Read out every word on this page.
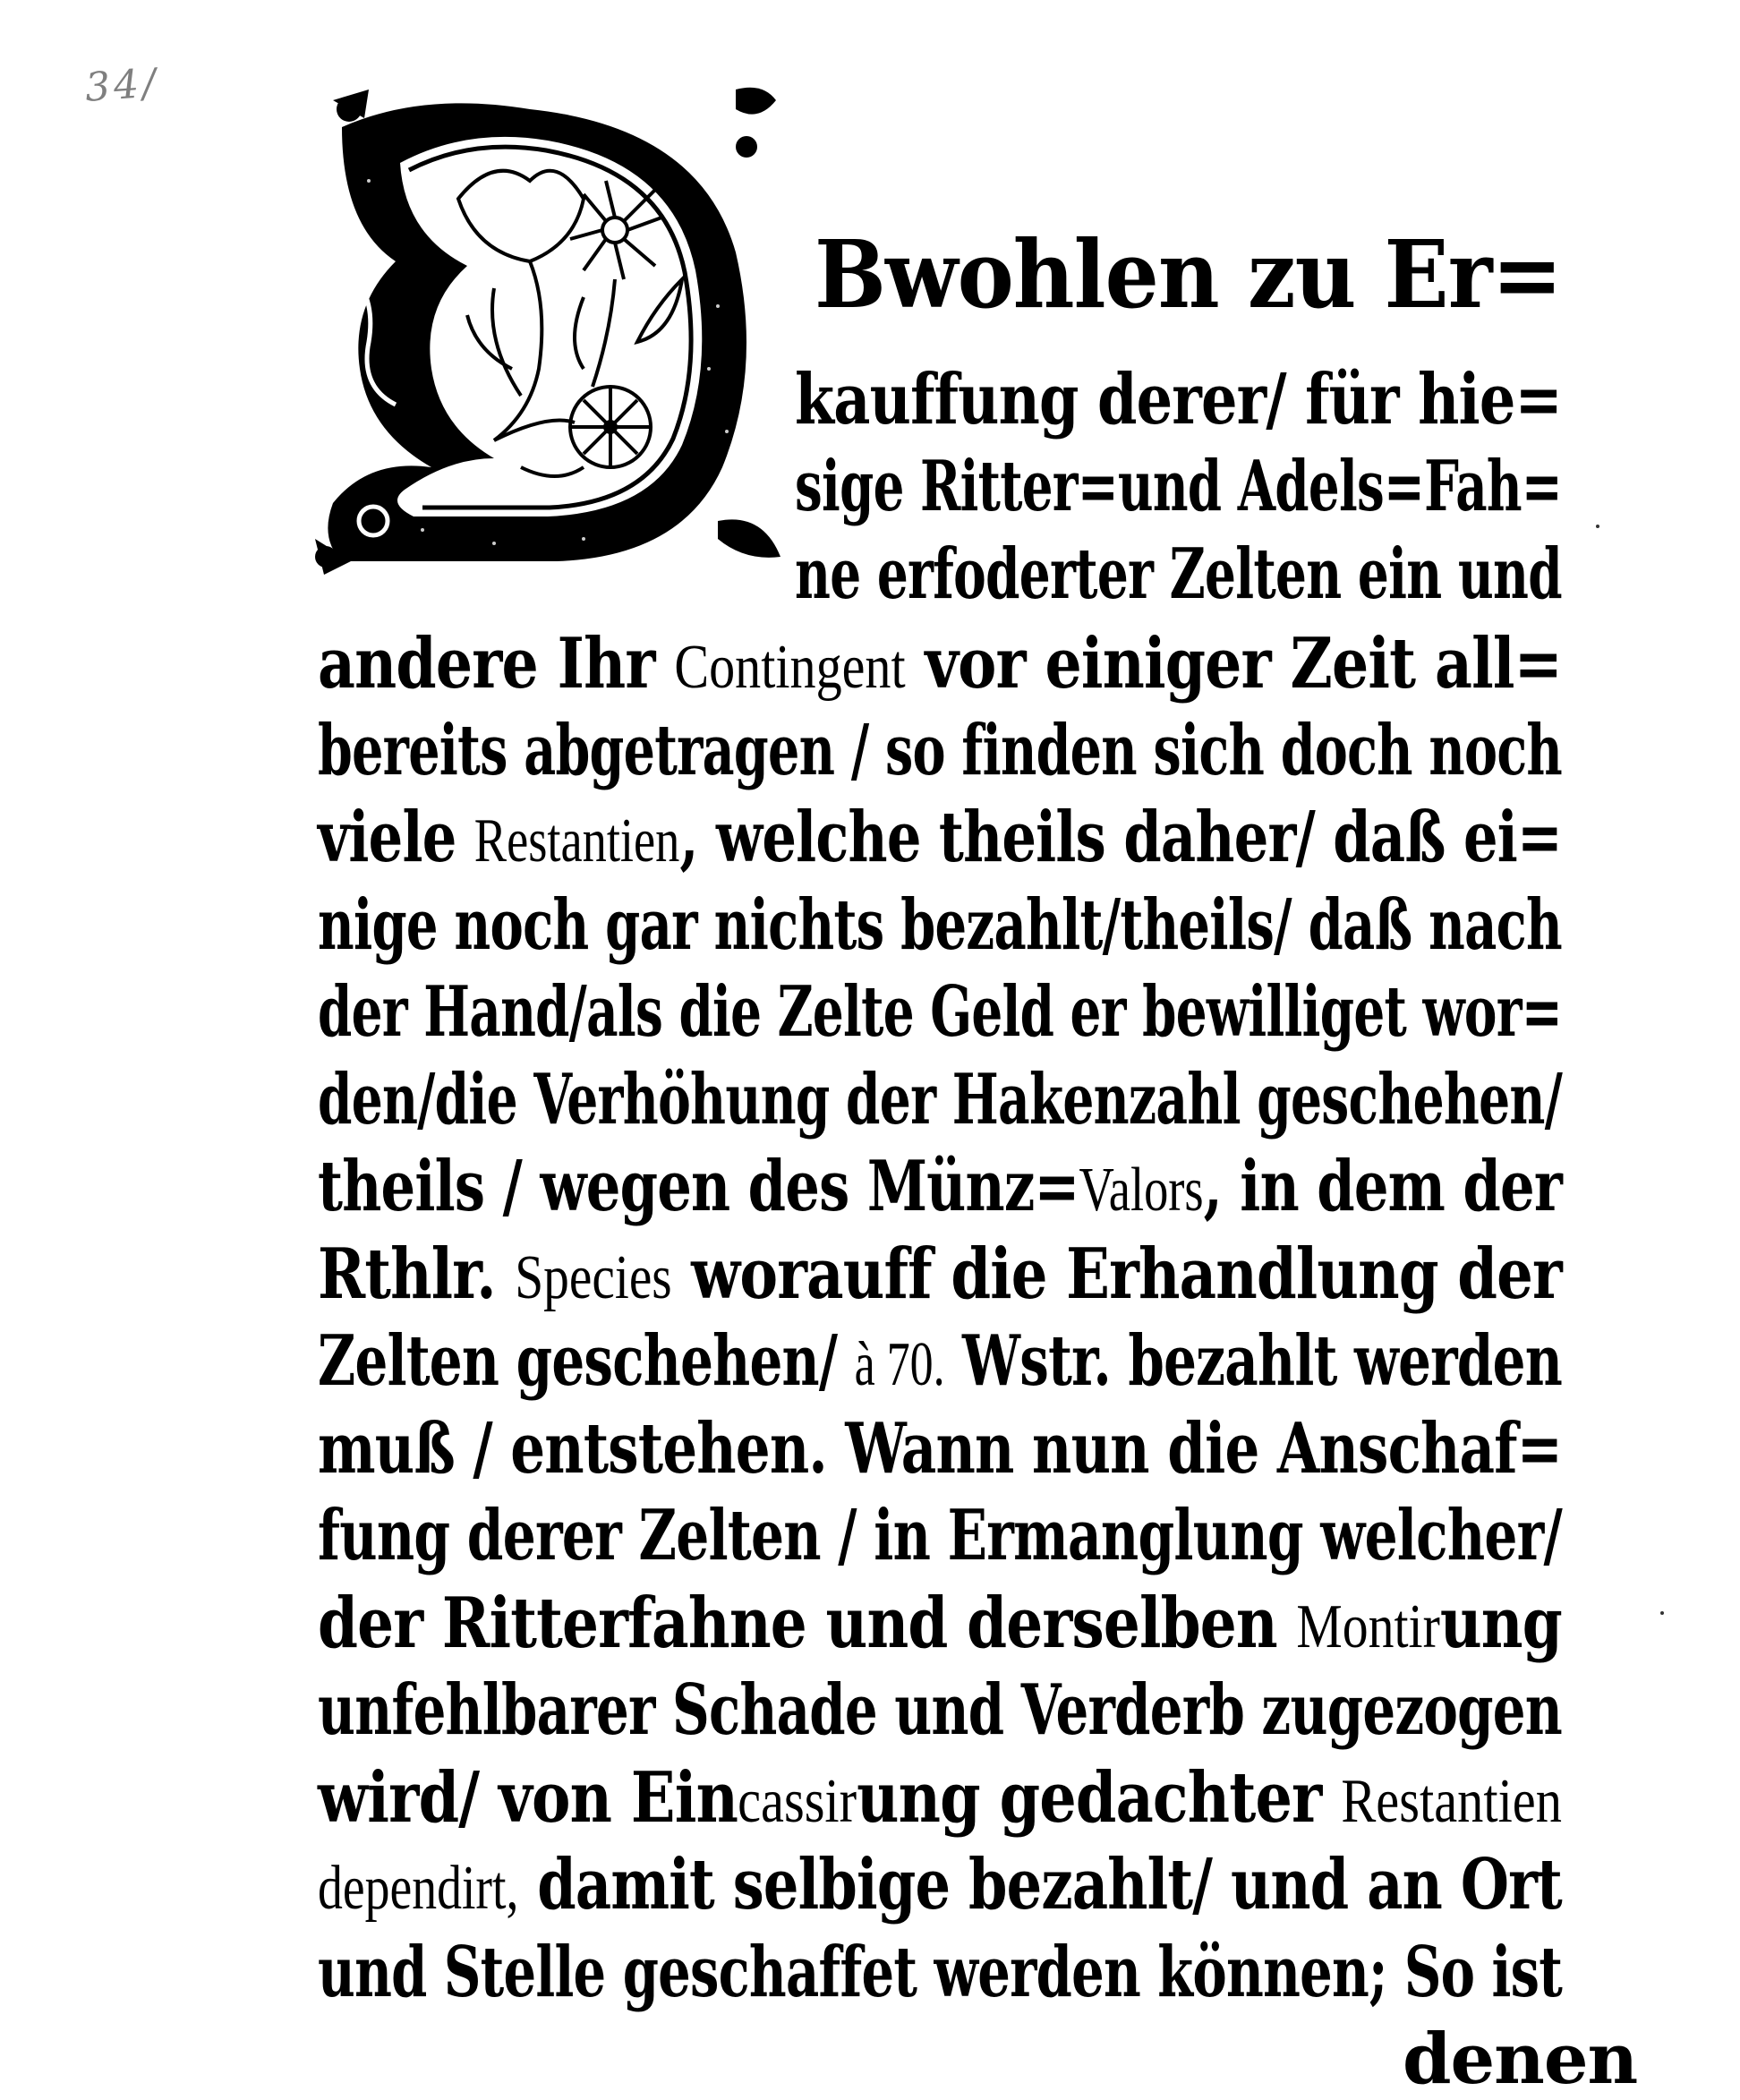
34/
Bwohlen zu Er=
kauffung derer/ für hie=
sige Ritter=und Adels=Fah=
ne erfoderter Zelten ein und
andere Ihr Contingent vor einiger Zeit all=
bereits abgetragen / so finden sich doch noch
viele Restantien, welche theils daher/ daß ei=
nige noch gar nichts bezahlt/theils/ daß nach
der Hand/als die Zelte Geld er bewilliget wor=
den/die Verhöhung der Hakenzahl geschehen/
theils / wegen des Münz=Valors, in dem der
Rthlr. Species worauff die Erhandlung der
Zelten geschehen/ à 70. Wstr. bezahlt werden
muß / entstehen. Wann nun die Anschaf=
fung derer Zelten / in Ermanglung welcher/
der Ritterfahne und derselben Montirung
unfehlbarer Schade und Verderb zugezogen
wird/ von Eincassirung gedachter Restantien
dependirt, damit selbige bezahlt/ und an Ort
und Stelle geschaffet werden können; So ist
denen
